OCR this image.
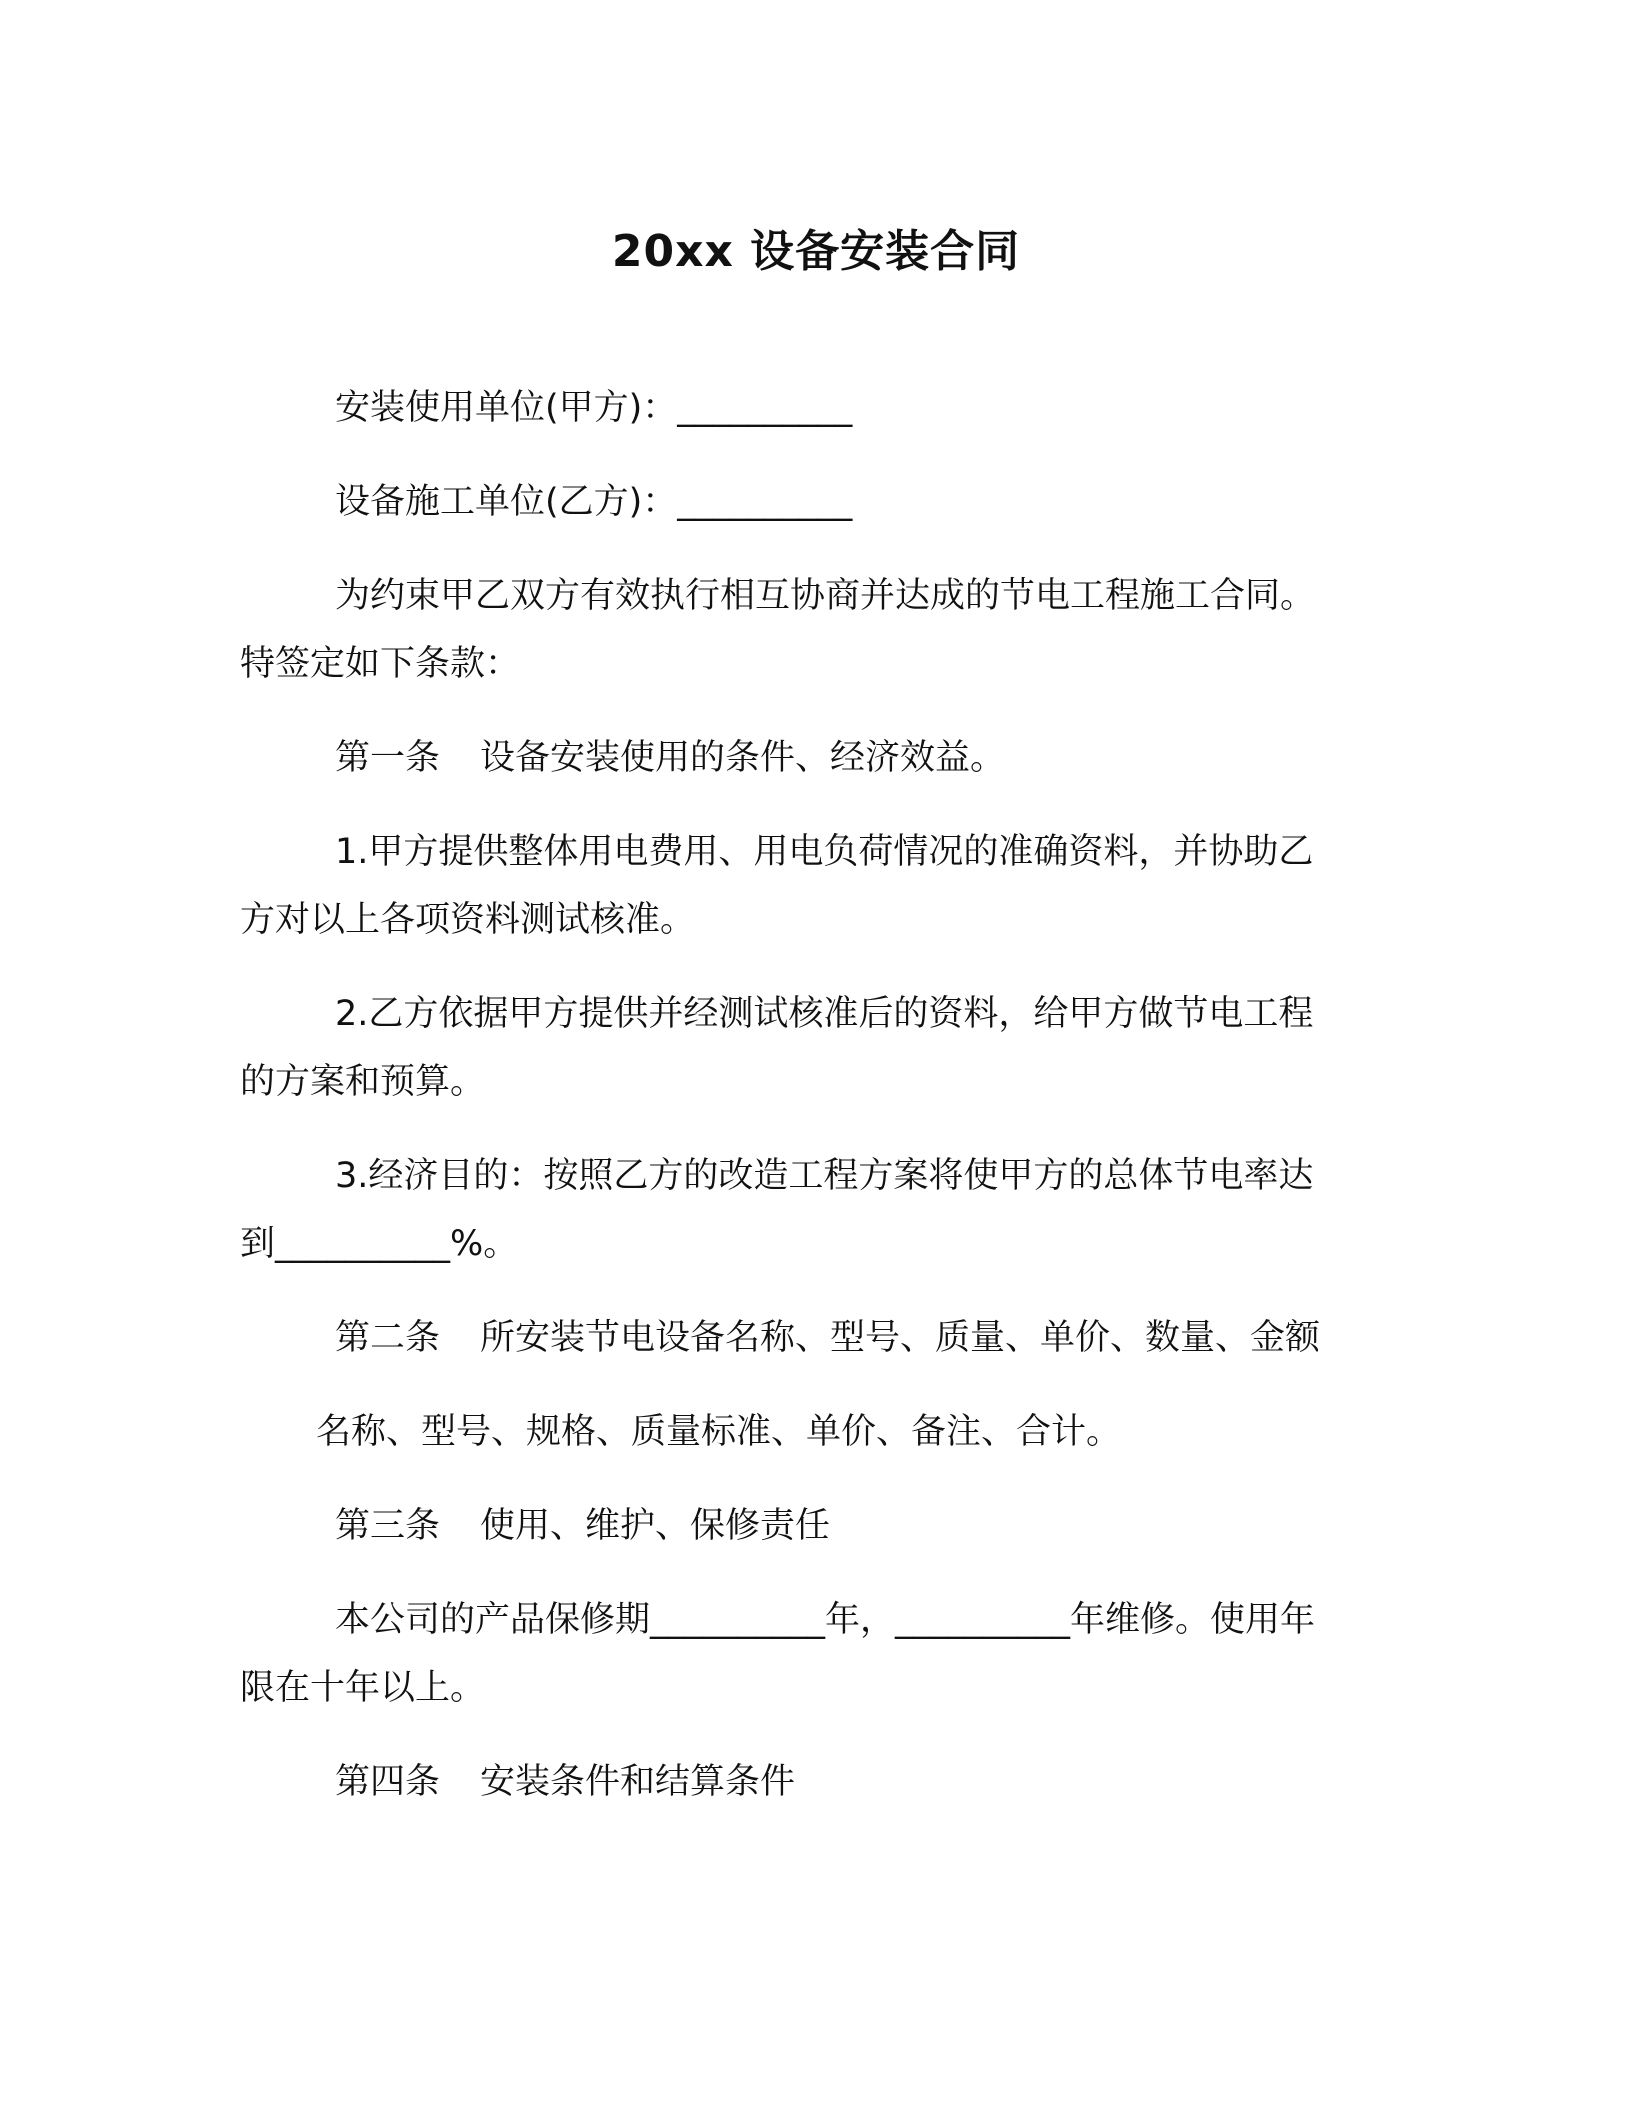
20xx 设备安装合同
安装使用单位(甲方)：__________
设备施工单位(乙方)：__________
为约束甲乙双方有效执行相互协商并达成的节电工程施工合同。
特签定如下条款：
第一条 设备安装使用的条件、经济效益。
1.甲方提供整体用电费用、用电负荷情况的准确资料，并协助乙
方对以上各项资料测试核准。
2.乙方依据甲方提供并经测试核准后的资料，给甲方做节电工程
的方案和预算。
3.经济目的：按照乙方的改造工程方案将使甲方的总体节电率达
到__________%。
第二条 所安装节电设备名称、型号、质量、单价、数量、金额
名称、型号、规格、质量标准、单价、备注、合计。
第三条 使用、维护、保修责任
本公司的产品保修期__________年，__________年维修。使用年
限在十年以上。
第四条 安装条件和结算条件
